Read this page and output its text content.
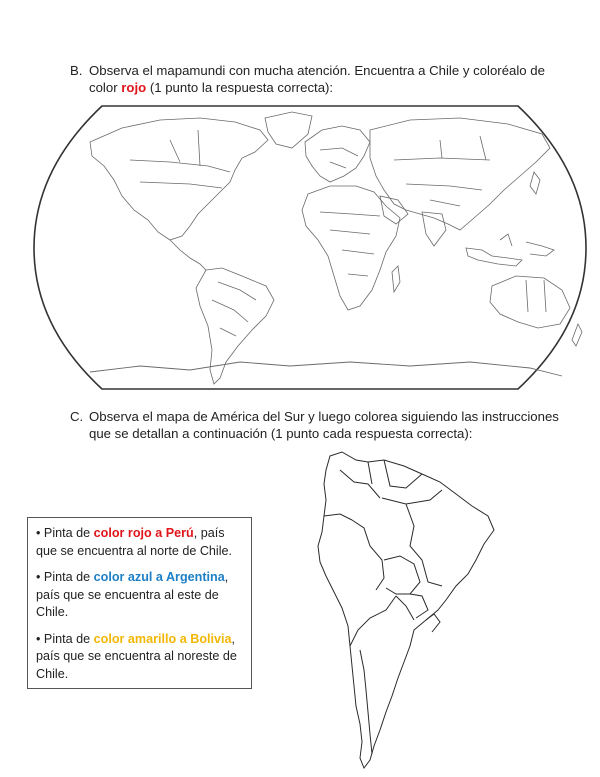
B. Observa el mapamundi con mucha atención. Encuentra a Chile y coloréalo de color rojo (1 punto la respuesta correcta):
C. Observa el mapa de América del Sur y luego colorea siguiendo las instrucciones que se detallan a continuación (1 punto cada respuesta correcta):

• Pinta de color rojo a Perú, país que se encuentra al norte de Chile.

• Pinta de color azul a Argentina, país que se encuentra al este de Chile.

• Pinta de color amarillo a Bolivia, país que se encuentra al noreste de Chile.
